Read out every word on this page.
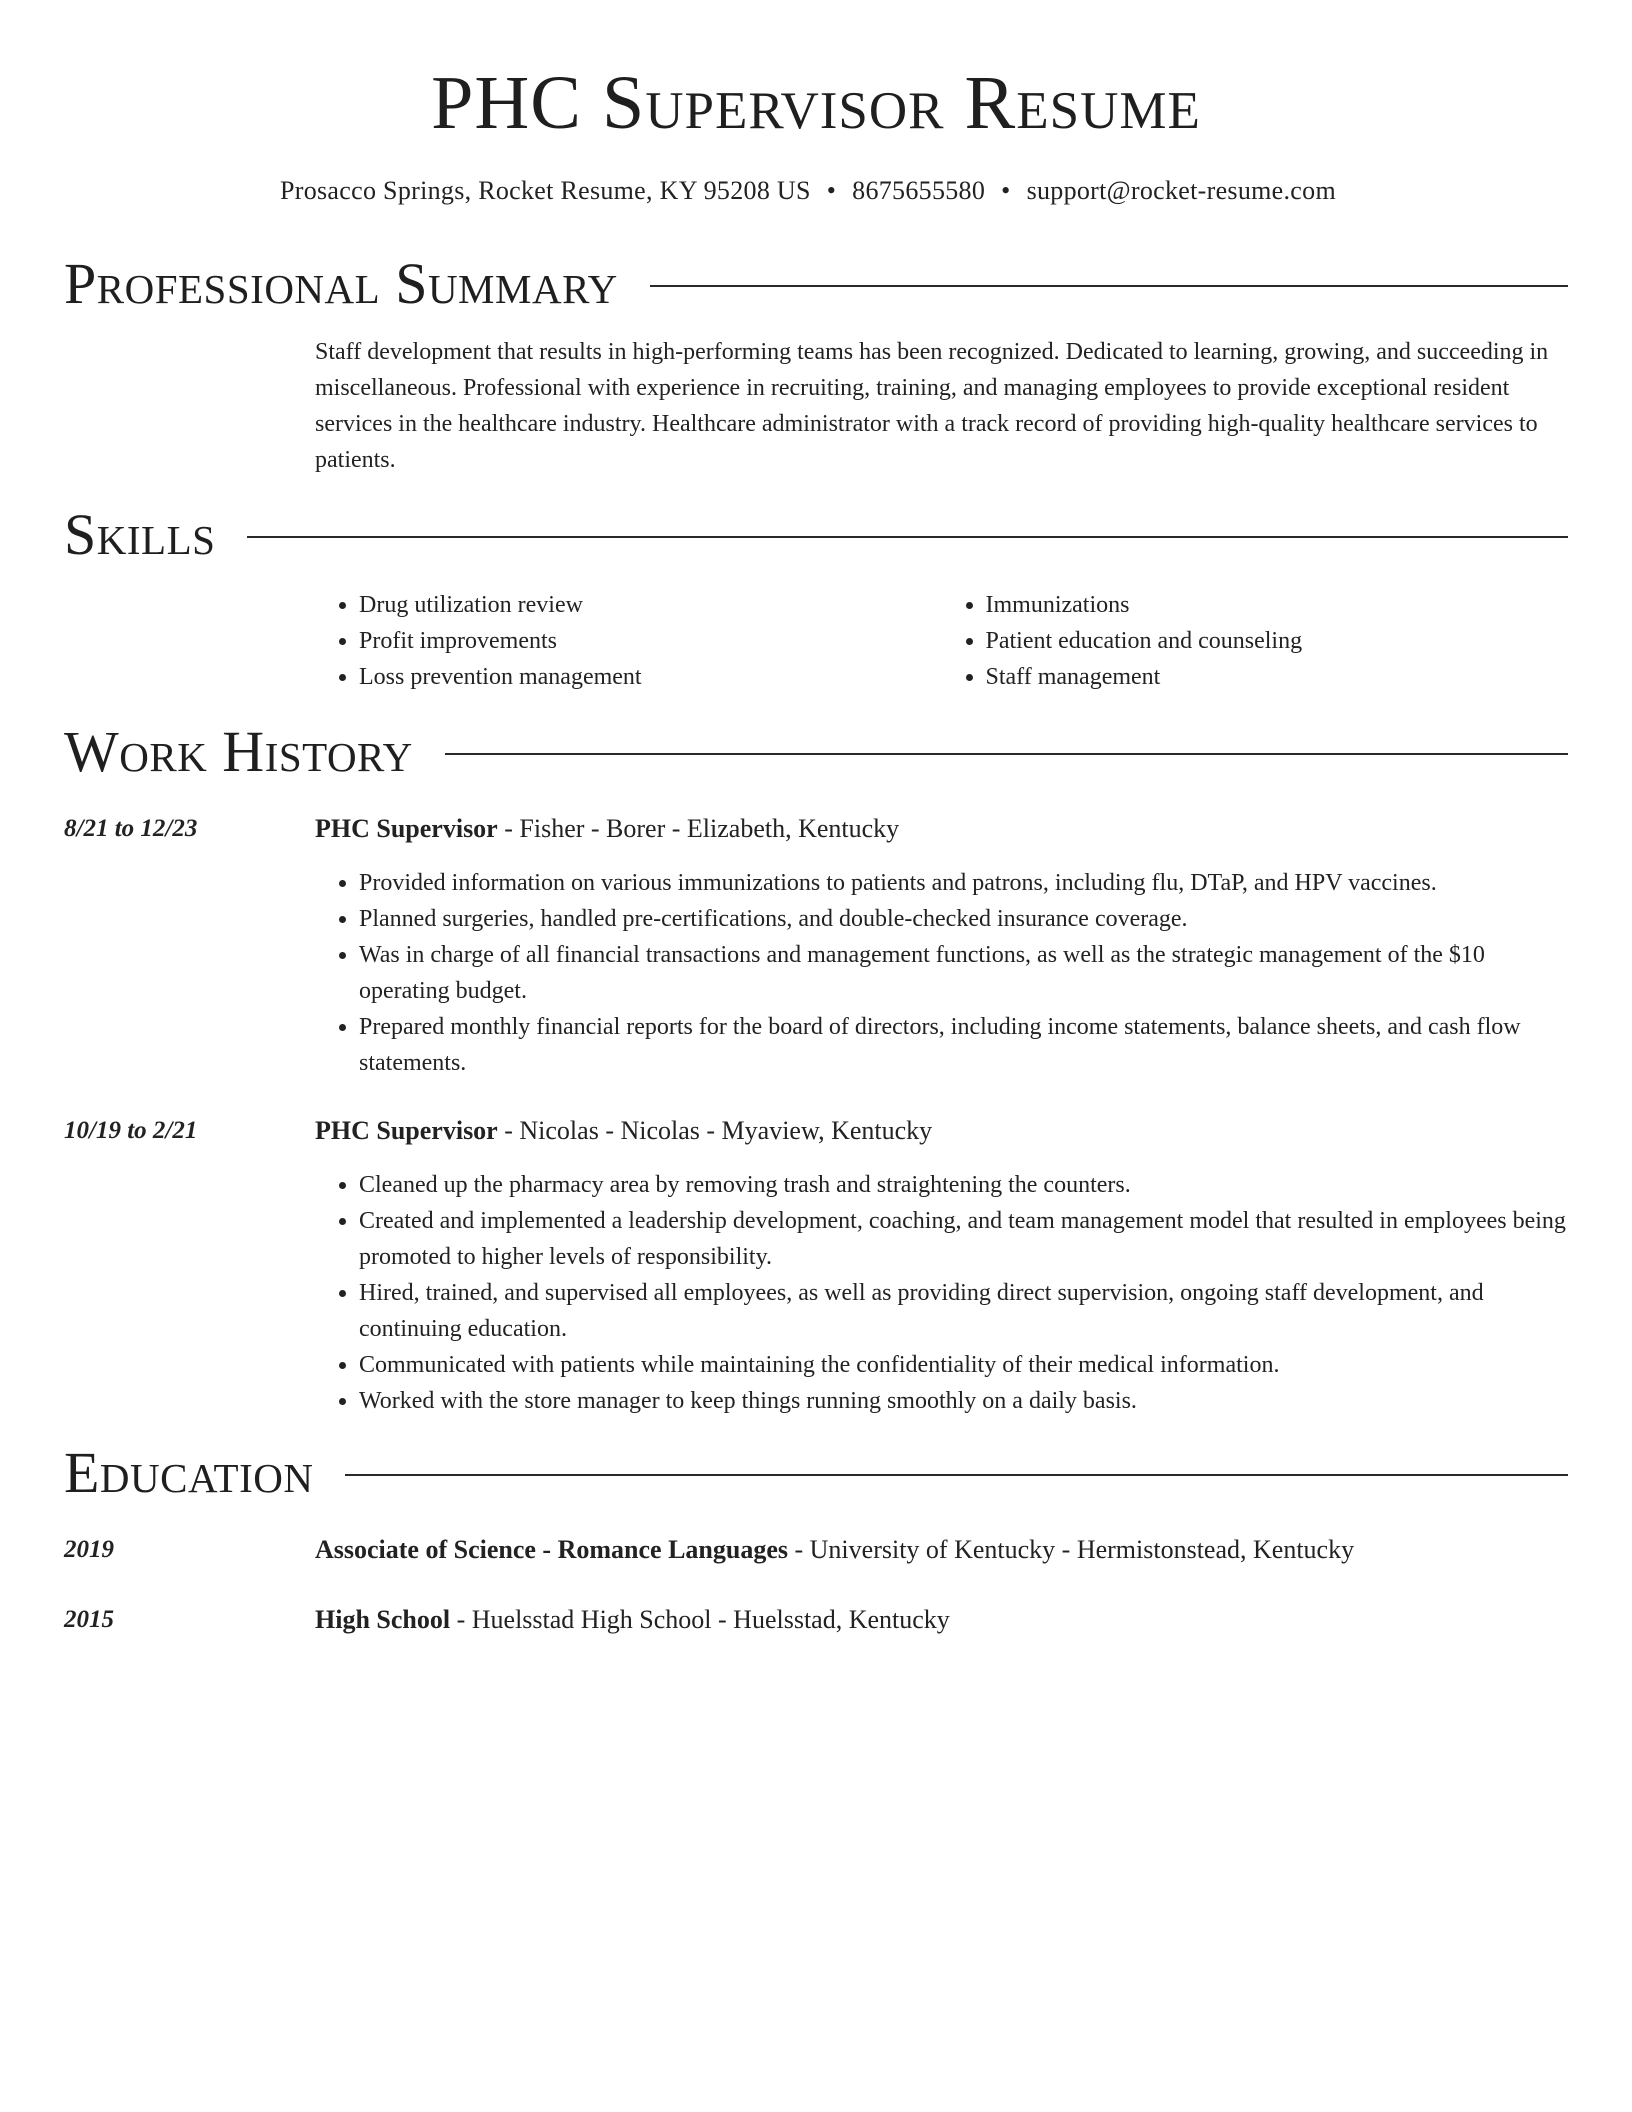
PHC Supervisor Resume
Prosacco Springs, Rocket Resume, KY 95208 US • 8675655580 • support@rocket-resume.com
Professional Summary

Staff development that results in high-performing teams has been recognized. Dedicated to learning, growing, and succeeding in miscellaneous. Professional with experience in recruiting, training, and managing employees to provide exceptional resident services in the healthcare industry. Healthcare administrator with a track record of providing high-quality healthcare services to patients.

Skills
• Drug utilization review
• Profit improvements
• Loss prevention management
• Immunizations
• Patient education and counseling
• Staff management
Work History
8/21 to 12/23	PHC Supervisor - Fisher - Borer - Elizabeth, Kentucky
• Provided information on various immunizations to patients and patrons, including flu, DTaP, and HPV vaccines.
• Planned surgeries, handled pre-certifications, and double-checked insurance coverage.
• Was in charge of all financial transactions and management functions, as well as the strategic management of the $10 operating budget.
• Prepared monthly financial reports for the board of directors, including income statements, balance sheets, and cash flow statements.
10/19 to 2/21	PHC Supervisor - Nicolas - Nicolas - Myaview, Kentucky
• Cleaned up the pharmacy area by removing trash and straightening the counters.
• Created and implemented a leadership development, coaching, and team management model that resulted in employees being promoted to higher levels of responsibility.
• Hired, trained, and supervised all employees, as well as providing direct supervision, ongoing staff development, and continuing education.
• Communicated with patients while maintaining the confidentiality of their medical information.
• Worked with the store manager to keep things running smoothly on a daily basis.
Education
2019	Associate of Science - Romance Languages - University of Kentucky - Hermistonstead, Kentucky
2015	High School - Huelsstad High School - Huelsstad, Kentucky
